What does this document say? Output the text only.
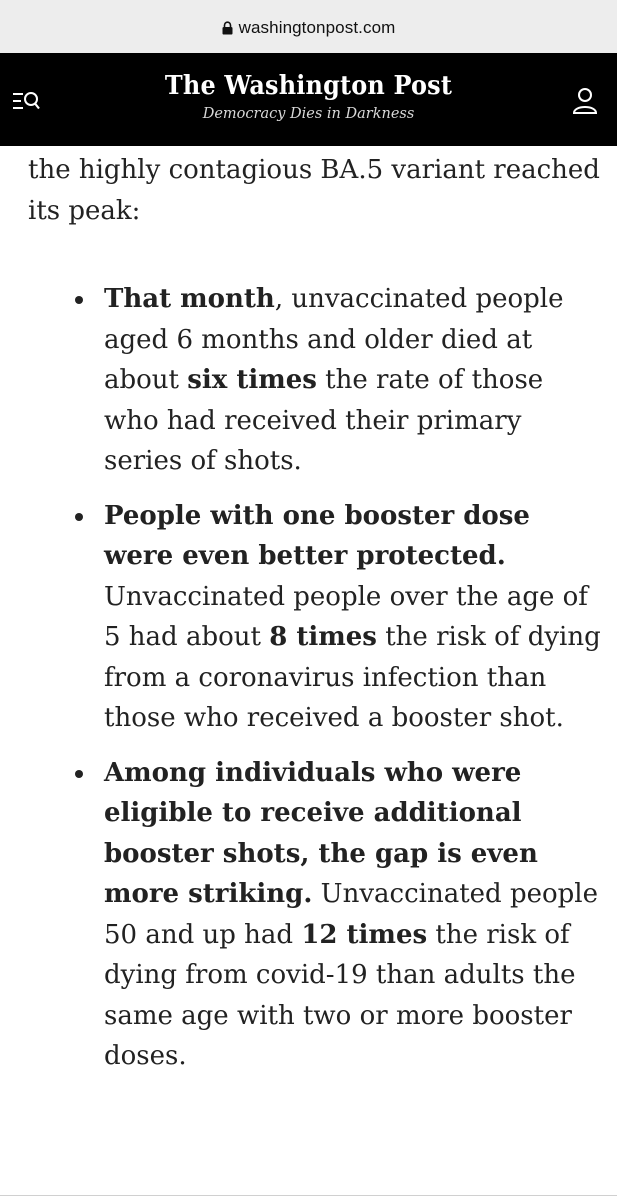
washingtonpost.com
The Washington Post
Democracy Dies in Darkness

the highly contagious BA.5 variant reached its peak:

That month, unvaccinated people aged 6 months and older died at about six times the rate of those who had received their primary series of shots.
People with one booster dose were even better protected. Unvaccinated people over the age of 5 had about 8 times the risk of dying from a coronavirus infection than those who received a booster shot.
Among individuals who were eligible to receive additional booster shots, the gap is even more striking. Unvaccinated people 50 and up had 12 times the risk of dying from covid-19 than adults the same age with two or more booster doses.
